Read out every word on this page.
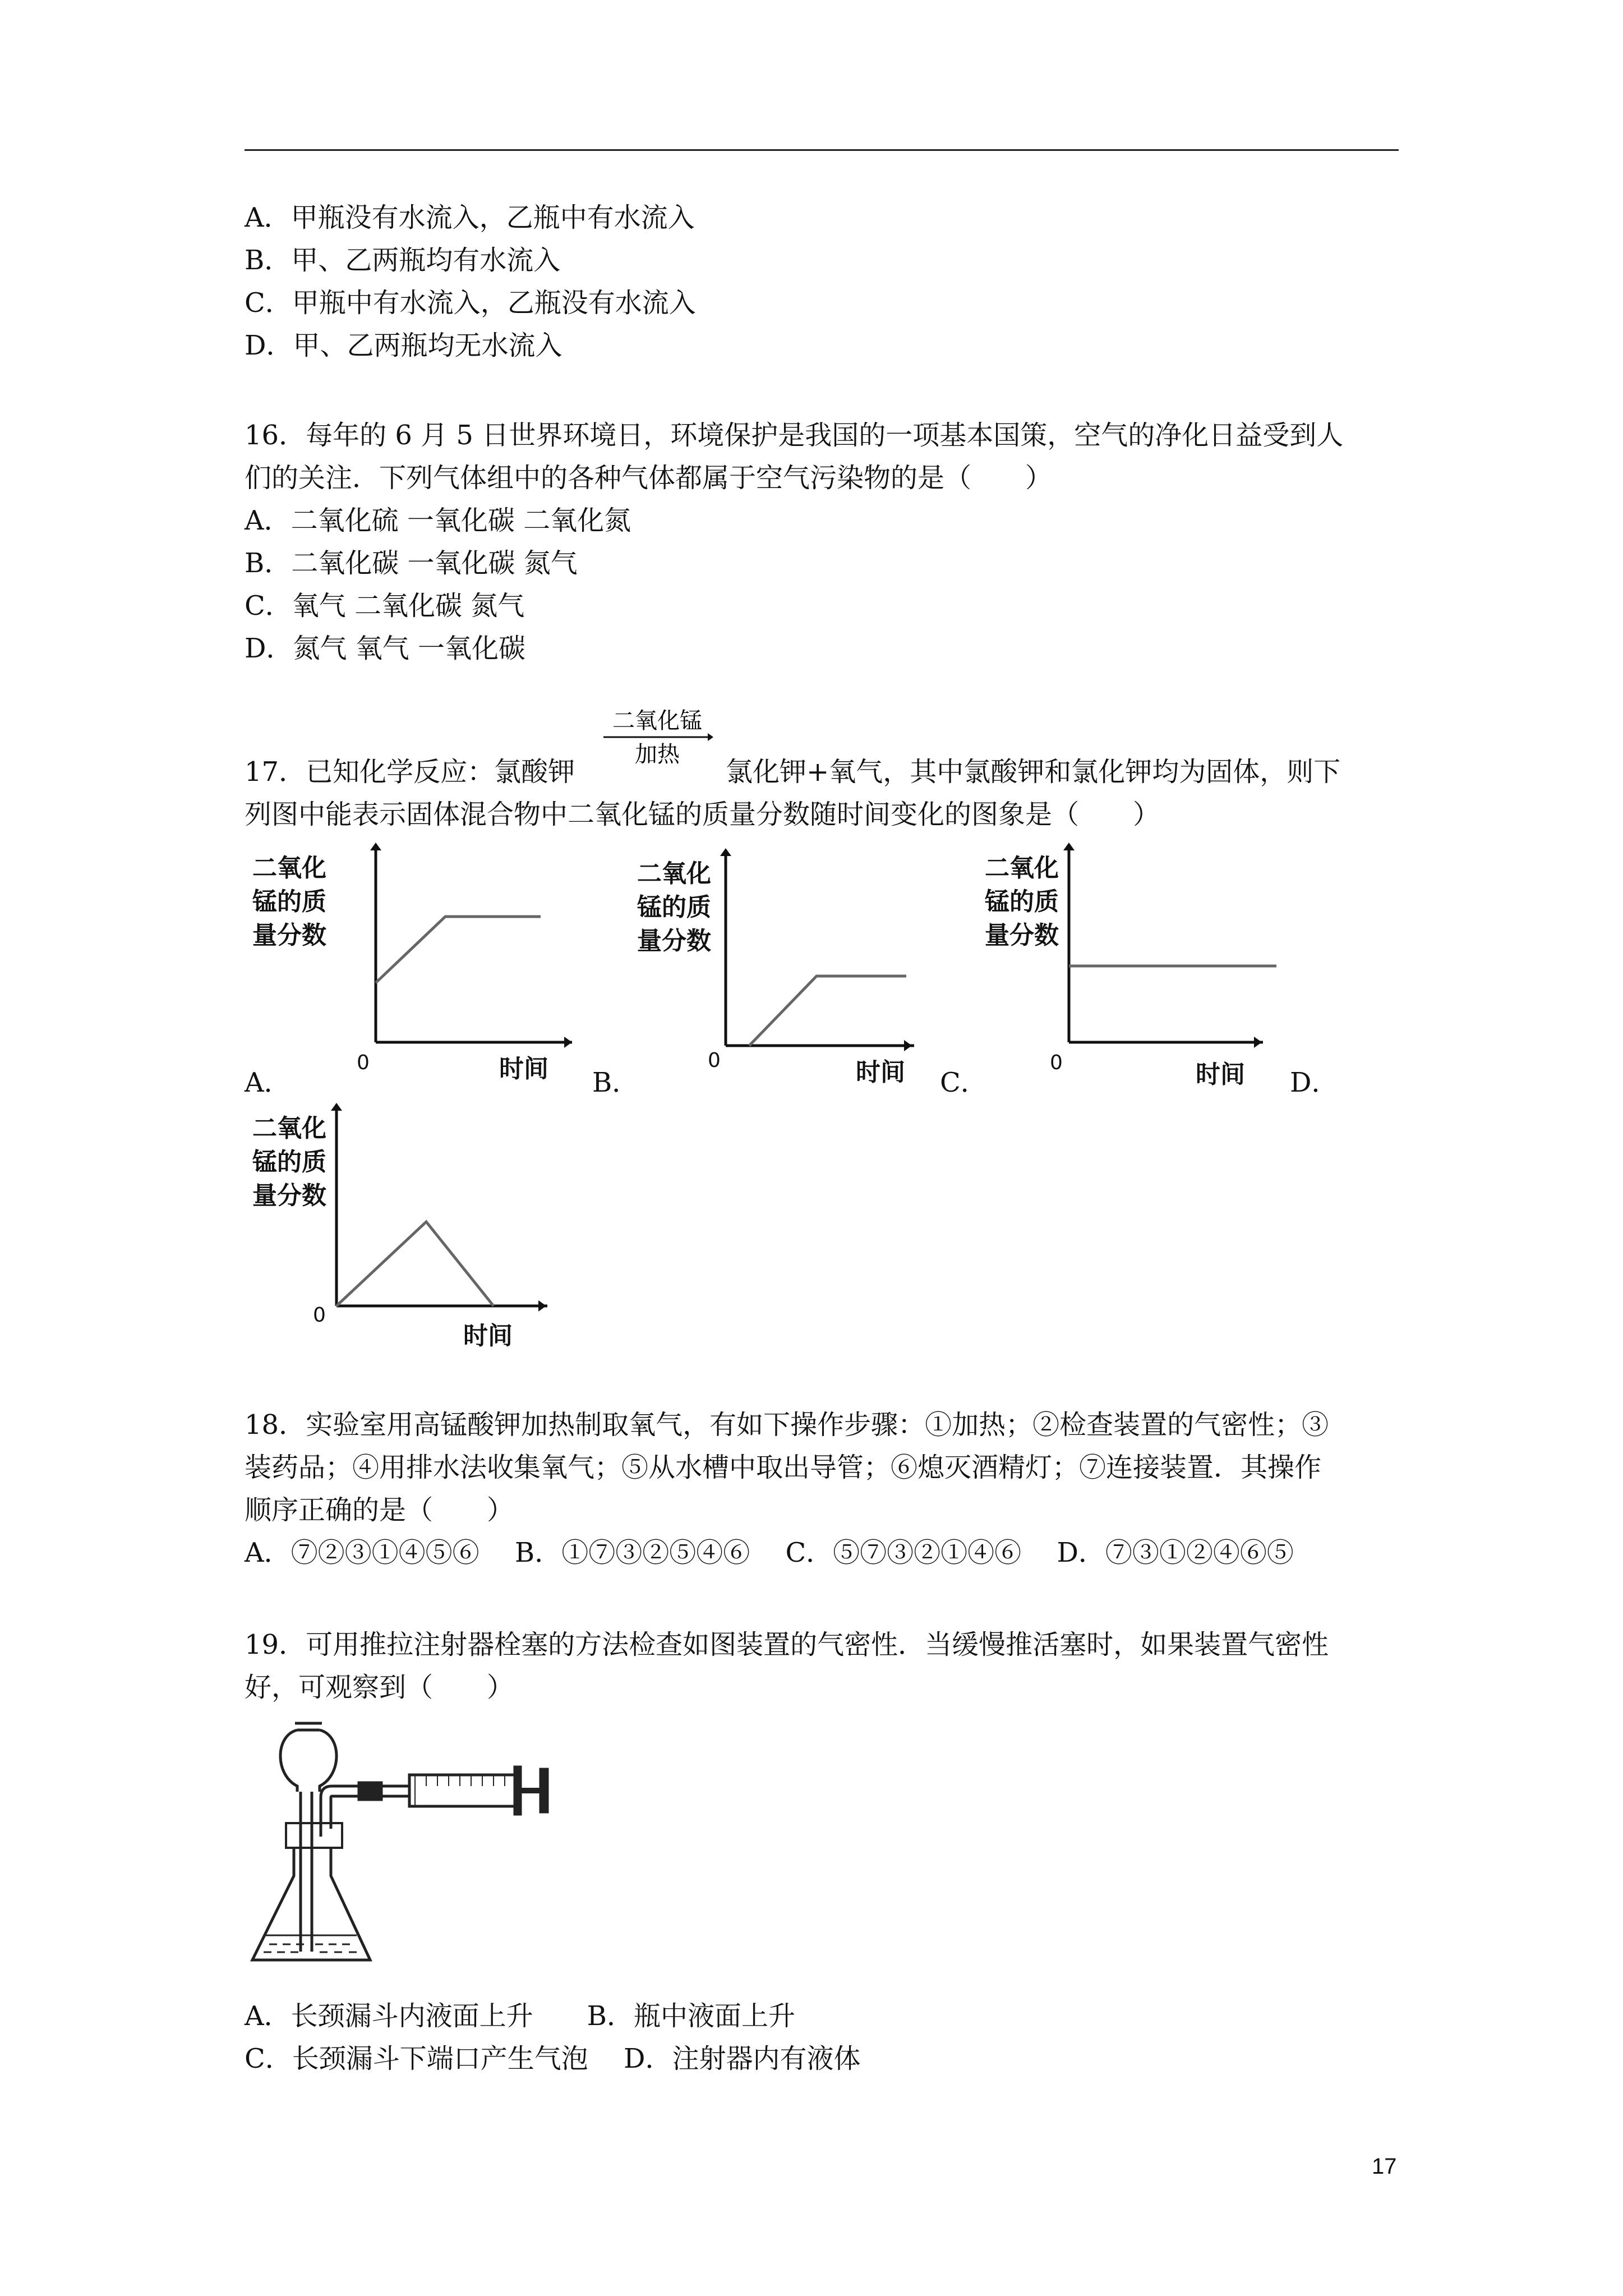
A．甲瓶没有水流入，乙瓶中有水流入
B．甲、乙两瓶均有水流入
C．甲瓶中有水流入，乙瓶没有水流入
D．甲、乙两瓶均无水流入
16．每年的 6 月 5 日世界环境日，环境保护是我国的一项基本国策，空气的净化日益受到人
们的关注．下列气体组中的各种气体都属于空气污染物的是（　　）
A．二氧化硫 一氧化碳 二氧化氮
B．二氧化碳 一氧化碳 氮气
C．氧气 二氧化碳 氮气
D．氮气 氧气 一氧化碳
17．已知化学反应：氯酸钾
二氧化锰
加热
氯化钾+氧气，其中氯酸钾和氯化钾均为固体，则下
列图中能表示固体混合物中二氧化锰的质量分数随时间变化的图象是（　　）
二氧化
锰的质
量分数
0	时间
A．
二氧化
锰的质
量分数
0	时间
B．
二氧化
锰的质
量分数
0	时间
C．	D．
二氧化
锰的质
量分数
0
时间
18．实验室用高锰酸钾加热制取氧气，有如下操作步骤：①加热；②检查装置的气密性；③
装药品；④用排水法收集氧气；⑤从水槽中取出导管；⑥熄灭酒精灯；⑦连接装置．其操作
顺序正确的是（　　）
A．⑦②③①④⑤⑥　 B．①⑦③②⑤④⑥　 C．⑤⑦③②①④⑥　 D．⑦③①②④⑥⑤
19．可用推拉注射器栓塞的方法检查如图装置的气密性．当缓慢推活塞时，如果装置气密性
好，可观察到（　　）
A．长颈漏斗内液面上升　　B．瓶中液面上升
C．长颈漏斗下端口产生气泡　 D．注射器内有液体
17
